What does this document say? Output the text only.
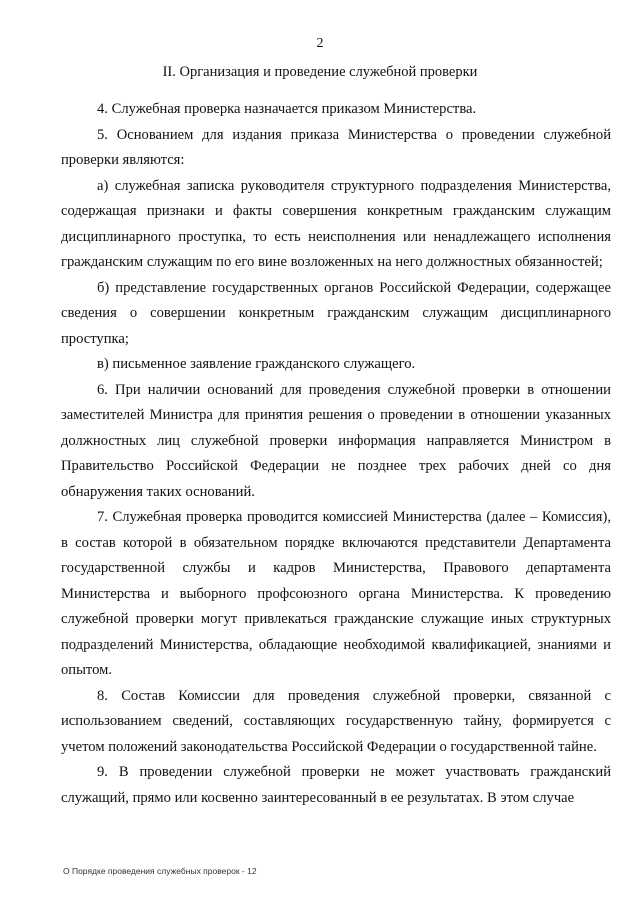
2
II. Организация и проведение служебной проверки

4. Служебная проверка назначается приказом Министерства.

5. Основанием для издания приказа Министерства о проведении служебной проверки являются:

а) служебная записка руководителя структурного подразделения Министерства, содержащая признаки и факты совершения конкретным гражданским служащим дисциплинарного проступка, то есть неисполнения или ненадлежащего исполнения гражданским служащим по его вине возложенных на него должностных обязанностей;

б) представление государственных органов Российской Федерации, содержащее сведения о совершении конкретным гражданским служащим дисциплинарного проступка;

в) письменное заявление гражданского служащего.

6. При наличии оснований для проведения служебной проверки в отношении заместителей Министра для принятия решения о проведении в отношении указанных должностных лиц служебной проверки информация направляется Министром в Правительство Российской Федерации не позднее трех рабочих дней со дня обнаружения таких оснований.

7. Служебная проверка проводится комиссией Министерства (далее – Комиссия), в состав которой в обязательном порядке включаются представители Департамента государственной службы и кадров Министерства, Правового департамента Министерства и выборного профсоюзного органа Министерства. К проведению служебной проверки могут привлекаться гражданские служащие иных структурных подразделений Министерства, обладающие необходимой квалификацией, знаниями и опытом.

8. Состав Комиссии для проведения служебной проверки, связанной с использованием сведений, составляющих государственную тайну, формируется с учетом положений законодательства Российской Федерации о государственной тайне.

9. В проведении служебной проверки не может участвовать гражданский служащий, прямо или косвенно заинтересованный в ее результатах. В этом случае

О Порядке проведения служебных проверок - 12
